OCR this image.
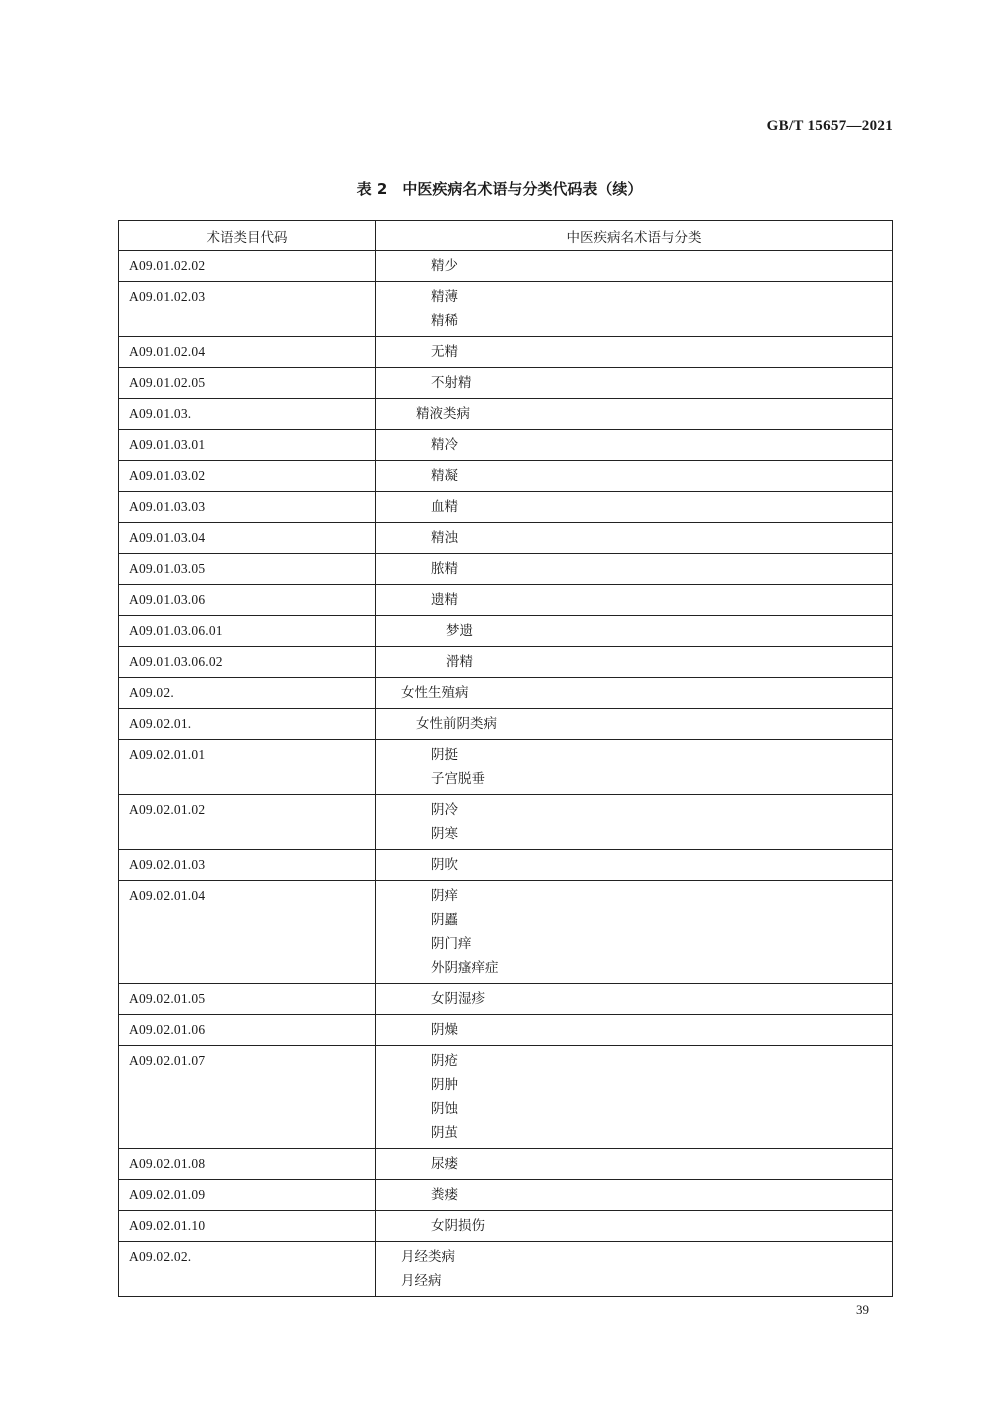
GB/T 15657—2021
表 2　中医疾病名术语与分类代码表（续）
术语类目代码	中医疾病名术语与分类
A09.01.02.02	精少

A09.01.02.03	精薄
精稀

A09.01.02.04	无精

A09.01.02.05	不射精

A09.01.03.	精液类病

A09.01.03.01	精冷

A09.01.03.02	精凝

A09.01.03.03	血精

A09.01.03.04	精浊

A09.01.03.05	脓精

A09.01.03.06	遗精

A09.01.03.06.01	梦遗

A09.01.03.06.02	滑精

A09.02.	女性生殖病

A09.02.01.	女性前阴类病

A09.02.01.01	阴挺
子宫脱垂

A09.02.01.02	阴冷
阴寒

A09.02.01.03	阴吹

A09.02.01.04	阴痒
阴䘌
阴门痒
外阴瘙痒症

A09.02.01.05	女阴湿疹

A09.02.01.06	阴燥

A09.02.01.07	阴疮
阴肿
阴蚀
阴茧

A09.02.01.08	尿瘘

A09.02.01.09	粪瘘

A09.02.01.10	女阴损伤

A09.02.02.	月经类病
月经病
39
